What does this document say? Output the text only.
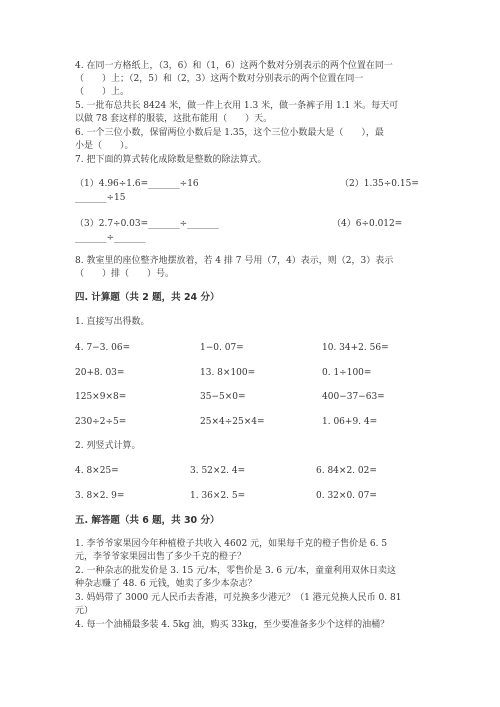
4. 在同一方格纸上，（3，6）和（1，6）这两个数对分别表示的两个位置在同一
（　　）上；（2，5）和（2，3）这两个数对分别表示的两个位置在同一
（　　）上。
5. 一批布总共长 8424 米，做一件上衣用 1.3 米，做一条裤子用 1.1 米。每天可
以做 78 套这样的服装，这批布能用（　　）天。
6. 一个三位小数，保留两位小数后是 1.35，这个三位小数最大是（　　），最
小是（　　）。
7. 把下面的算式转化成除数是整数的除法算式。
（1）4.96÷1.6=_______÷16	（2）1.35÷0.15=
_______÷15
（3）2.7÷0.03=_______÷_______	（4）6÷0.012=
_______÷_______
8. 教室里的座位整齐地摆放着，若 4 排 7 号用（7，4）表示，则（2，3）表示
（　　）排（　　）号。
四. 计算题（共 2 题，共 24 分）
1. 直接写出得数。
4. 7−3. 06=	1−0. 07=	10. 34+2. 56=
20+8. 03=	13. 8×100=	0. 1÷100=
125×9×8=	35−5×0=	400−37−63=
230÷2÷5=	25×4÷25×4=	1. 06+9. 4=
2. 列竖式计算。
4. 8×25=	3. 52×2. 4=	6. 84×2. 02=
3. 8×2. 9=	1. 36×2. 5=	0. 32×0. 07=
五. 解答题（共 6 题，共 30 分）
1. 李爷爷家果园今年种植橙子共收入 4602 元，如果每千克的橙子售价是 6. 5
元，李爷爷家果园出售了多少千克的橙子？
2. 一种杂志的批发价是 3. 15 元/本，零售价是 3. 6 元/本，童童利用双休日卖这
种杂志赚了 48. 6 元钱，她卖了多少本杂志？
3. 妈妈带了 3000 元人民币去香港，可兑换多少港元？（1 港元兑换人民币 0. 81
元）
4. 每一个油桶最多装 4. 5kg 油，购买 33kg，至少要准备多少个这样的油桶？
